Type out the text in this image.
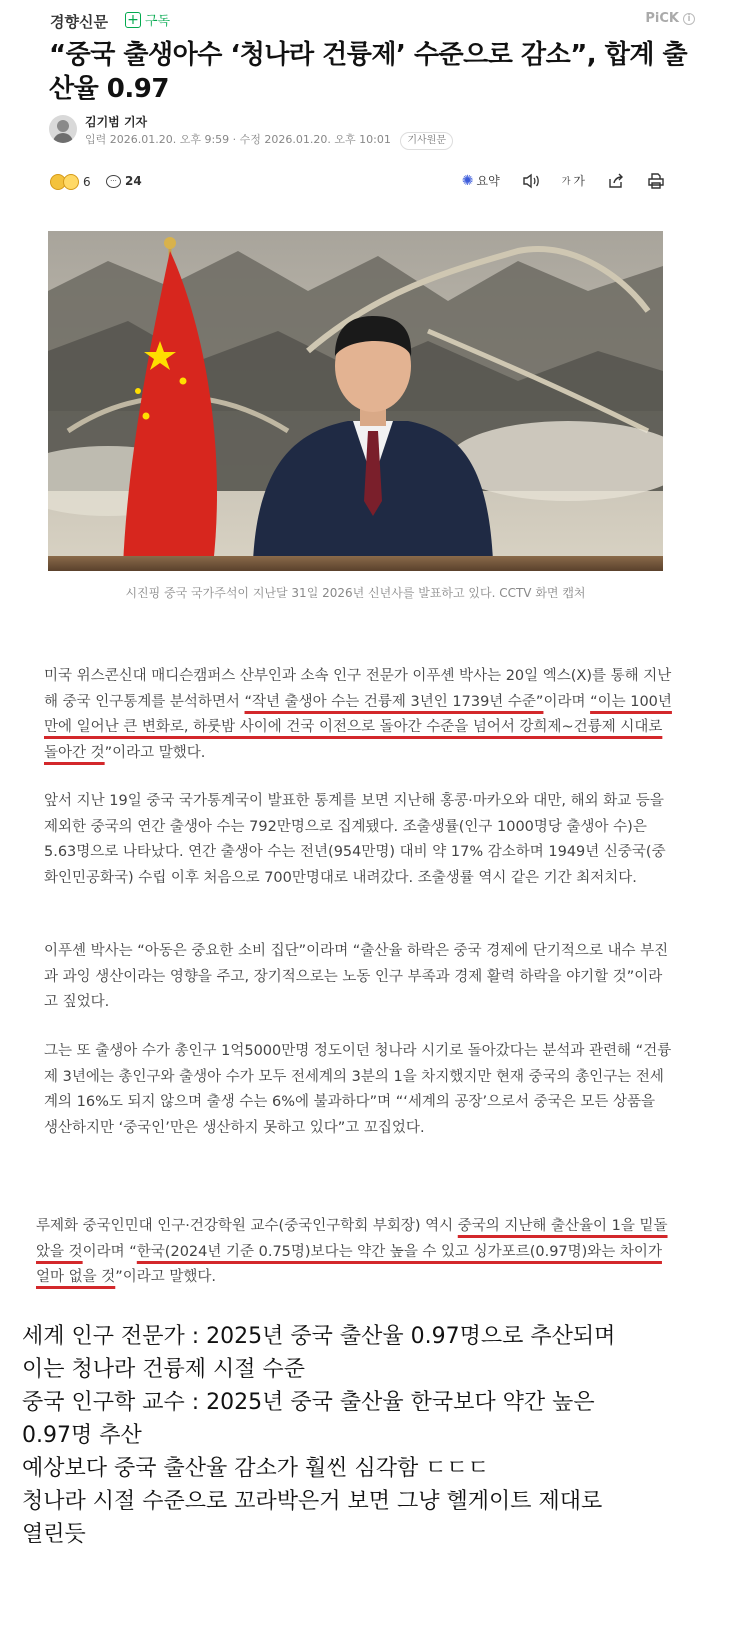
경향신문 + 구독	PiCK i
“중국 출생아수 ‘청나라 건륭제’ 수준으로 감소”, 합계 출산율 0.97
김기범 기자
입력 2026.01.20. 오후 9:59 · 수정 2026.01.20. 오후 10:01 기사원문
6	··· 24	✺ 요약	가 가
시진핑 중국 국가주석이 지난달 31일 2026년 신년사를 발표하고 있다. CCTV 화면 캡처

미국 위스콘신대 매디슨캠퍼스 산부인과 소속 인구 전문가 이푸셴 박사는 20일 엑스(X)를 통해 지난해 중국 인구통계를 분석하면서 “작년 출생아 수는 건륭제 3년인 1739년 수준”이라며 “이는 100년만에 일어난 큰 변화로, 하룻밤 사이에 건국 이전으로 돌아간 수준을 넘어서 강희제~건륭제 시대로 돌아간 것”이라고 말했다.

앞서 지난 19일 중국 국가통계국이 발표한 통계를 보면 지난해 홍콩·마카오와 대만, 해외 화교 등을 제외한 중국의 연간 출생아 수는 792만명으로 집계됐다. 조출생률(인구 1000명당 출생아 수)은 5.63명으로 나타났다. 연간 출생아 수는 전년(954만명) 대비 약 17% 감소하며 1949년 신중국(중화인민공화국) 수립 이후 처음으로 700만명대로 내려갔다. 조출생률 역시 같은 기간 최저치다.

이푸셴 박사는 “아동은 중요한 소비 집단”이라며 “출산율 하락은 중국 경제에 단기적으로 내수 부진과 과잉 생산이라는 영향을 주고, 장기적으로는 노동 인구 부족과 경제 활력 하락을 야기할 것”이라고 짚었다.

그는 또 출생아 수가 총인구 1억5000만명 정도이던 청나라 시기로 돌아갔다는 분석과 관련해 “건륭제 3년에는 총인구와 출생아 수가 모두 전세계의 3분의 1을 차지했지만 현재 중국의 총인구는 전세계의 16%도 되지 않으며 출생 수는 6%에 불과하다”며 “‘세계의 공장’으로서 중국은 모든 상품을 생산하지만 ‘중국인’만은 생산하지 못하고 있다”고 꼬집었다.

루제화 중국인민대 인구·건강학원 교수(중국인구학회 부회장) 역시 중국의 지난해 출산율이 1을 밑돌았을 것이라며 “한국(2024년 기준 0.75명)보다는 약간 높을 수 있고 싱가포르(0.97명)와는 차이가 얼마 없을 것”이라고 말했다.

세계 인구 전문가 : 2025년 중국 출산율 0.97명으로 추산되며
이는 청나라 건륭제 시절 수준
중국 인구학 교수 : 2025년 중국 출산율 한국보다 약간 높은
0.97명 추산
예상보다 중국 출산율 감소가 훨씬 심각함 ㄷㄷㄷ
청나라 시절 수준으로 꼬라박은거 보면 그냥 헬게이트 제대로
열린듯
